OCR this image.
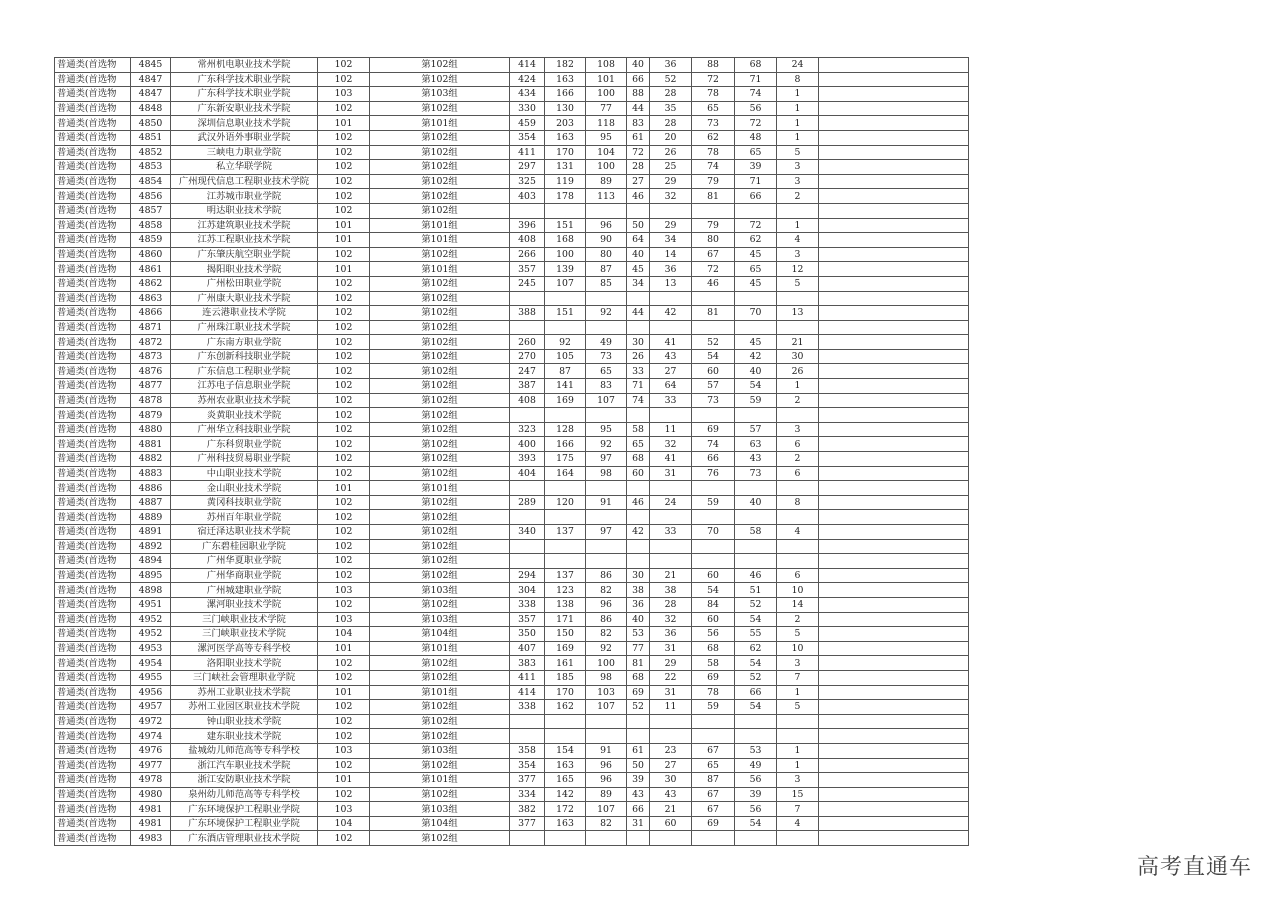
普通类(首选物	4845	常州机电职业技术学院	102	第102组	414	182	108	40	36	88	68	24	
普通类(首选物	4847	广东科学技术职业学院	102	第102组	424	163	101	66	52	72	71	8	
普通类(首选物	4847	广东科学技术职业学院	103	第103组	434	166	100	88	28	78	74	1	
普通类(首选物	4848	广东新安职业技术学院	102	第102组	330	130	77	44	35	65	56	1	
普通类(首选物	4850	深圳信息职业技术学院	101	第101组	459	203	118	83	28	73	72	1	
普通类(首选物	4851	武汉外语外事职业学院	102	第102组	354	163	95	61	20	62	48	1	
普通类(首选物	4852	三峡电力职业学院	102	第102组	411	170	104	72	26	78	65	5	
普通类(首选物	4853	私立华联学院	102	第102组	297	131	100	28	25	74	39	3	
普通类(首选物	4854	广州现代信息工程职业技术学院	102	第102组	325	119	89	27	29	79	71	3	
普通类(首选物	4856	江苏城市职业学院	102	第102组	403	178	113	46	32	81	66	2	
普通类(首选物	4857	明达职业技术学院	102	第102组									
普通类(首选物	4858	江苏建筑职业技术学院	101	第101组	396	151	96	50	29	79	72	1	
普通类(首选物	4859	江苏工程职业技术学院	101	第101组	408	168	90	64	34	80	62	4	
普通类(首选物	4860	广东肇庆航空职业学院	102	第102组	266	100	80	40	14	67	45	3	
普通类(首选物	4861	揭阳职业技术学院	101	第101组	357	139	87	45	36	72	65	12	
普通类(首选物	4862	广州松田职业学院	102	第102组	245	107	85	34	13	46	45	5	
普通类(首选物	4863	广州康大职业技术学院	102	第102组									
普通类(首选物	4866	连云港职业技术学院	102	第102组	388	151	92	44	42	81	70	13	
普通类(首选物	4871	广州珠江职业技术学院	102	第102组									
普通类(首选物	4872	广东南方职业学院	102	第102组	260	92	49	30	41	52	45	21	
普通类(首选物	4873	广东创新科技职业学院	102	第102组	270	105	73	26	43	54	42	30	
普通类(首选物	4876	广东信息工程职业学院	102	第102组	247	87	65	33	27	60	40	26	
普通类(首选物	4877	江苏电子信息职业学院	102	第102组	387	141	83	71	64	57	54	1	
普通类(首选物	4878	苏州农业职业技术学院	102	第102组	408	169	107	74	33	73	59	2	
普通类(首选物	4879	炎黄职业技术学院	102	第102组									
普通类(首选物	4880	广州华立科技职业学院	102	第102组	323	128	95	58	11	69	57	3	
普通类(首选物	4881	广东科贸职业学院	102	第102组	400	166	92	65	32	74	63	6	
普通类(首选物	4882	广州科技贸易职业学院	102	第102组	393	175	97	68	41	66	43	2	
普通类(首选物	4883	中山职业技术学院	102	第102组	404	164	98	60	31	76	73	6	
普通类(首选物	4886	金山职业技术学院	101	第101组									
普通类(首选物	4887	黄冈科技职业学院	102	第102组	289	120	91	46	24	59	40	8	
普通类(首选物	4889	苏州百年职业学院	102	第102组									
普通类(首选物	4891	宿迁泽达职业技术学院	102	第102组	340	137	97	42	33	70	58	4	
普通类(首选物	4892	广东碧桂园职业学院	102	第102组									
普通类(首选物	4894	广州华夏职业学院	102	第102组									
普通类(首选物	4895	广州华商职业学院	102	第102组	294	137	86	30	21	60	46	6	
普通类(首选物	4898	广州城建职业学院	103	第103组	304	123	82	38	38	54	51	10	
普通类(首选物	4951	漯河职业技术学院	102	第102组	338	138	96	36	28	84	52	14	
普通类(首选物	4952	三门峡职业技术学院	103	第103组	357	171	86	40	32	60	54	2	
普通类(首选物	4952	三门峡职业技术学院	104	第104组	350	150	82	53	36	56	55	5	
普通类(首选物	4953	漯河医学高等专科学校	101	第101组	407	169	92	77	31	68	62	10	
普通类(首选物	4954	洛阳职业技术学院	102	第102组	383	161	100	81	29	58	54	3	
普通类(首选物	4955	三门峡社会管理职业学院	102	第102组	411	185	98	68	22	69	52	7	
普通类(首选物	4956	苏州工业职业技术学院	101	第101组	414	170	103	69	31	78	66	1	
普通类(首选物	4957	苏州工业园区职业技术学院	102	第102组	338	162	107	52	11	59	54	5	
普通类(首选物	4972	钟山职业技术学院	102	第102组									
普通类(首选物	4974	建东职业技术学院	102	第102组									
普通类(首选物	4976	盐城幼儿师范高等专科学校	103	第103组	358	154	91	61	23	67	53	1	
普通类(首选物	4977	浙江汽车职业技术学院	102	第102组	354	163	96	50	27	65	49	1	
普通类(首选物	4978	浙江安防职业技术学院	101	第101组	377	165	96	39	30	87	56	3	
普通类(首选物	4980	泉州幼儿师范高等专科学校	102	第102组	334	142	89	43	43	67	39	15	
普通类(首选物	4981	广东环境保护工程职业学院	103	第103组	382	172	107	66	21	67	56	7	
普通类(首选物	4981	广东环境保护工程职业学院	104	第104组	377	163	82	31	60	69	54	4	
普通类(首选物	4983	广东酒店管理职业技术学院	102	第102组									
高考直通车
